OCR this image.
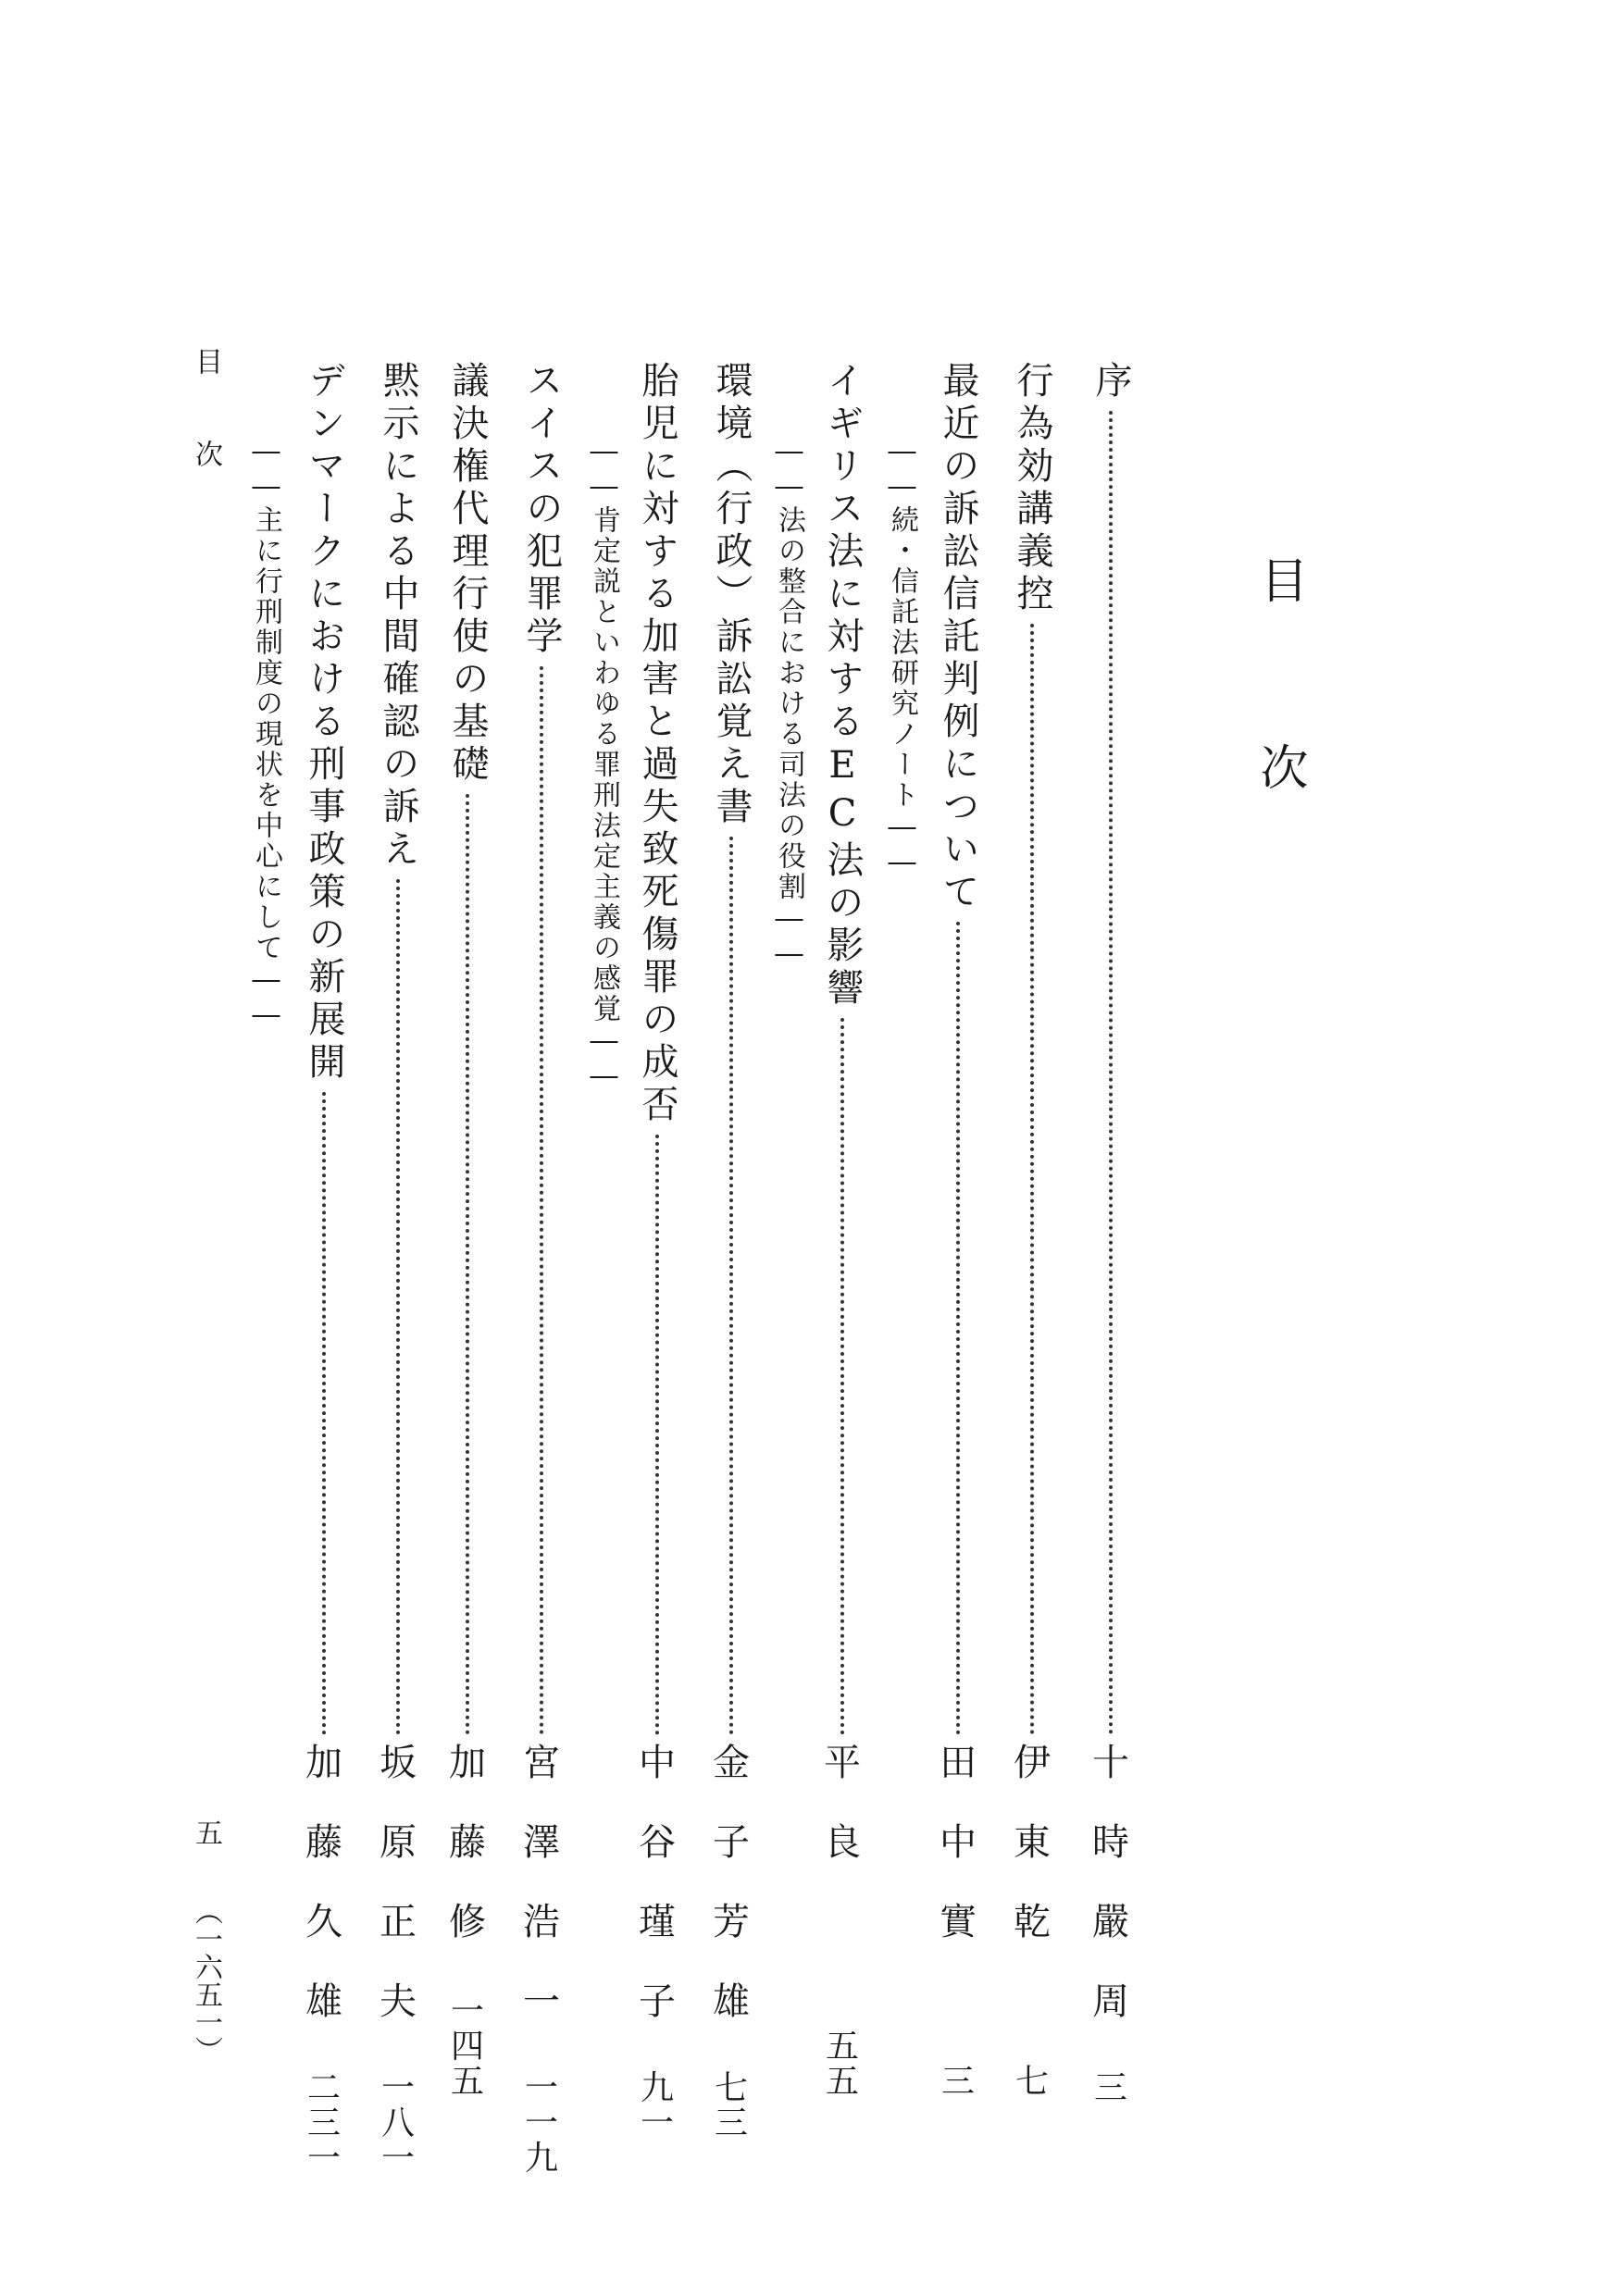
目次
序
十
時
嚴
周
三
行為効講義控
伊
東
乾
七
最近の訴訟信託判例について
田
中
實
三
イギリス法に対するEC法の影響
平
良
五
五
環境（行政）訴訟覚え書
金
子
芳
雄
七
三
胎児に対する加害と過失致死傷罪の成否
中
谷
瑾
子
九
一
スイスの犯罪学
宮
澤
浩
一
一
一
九
議決権代理行使の基礎
加
藤
修
一
四
五
黙示による中間確認の訴え
坂
原
正
夫
一
八
一
デンマークにおける刑事政策の新展開
加
藤
久
雄
二
三
一
――続・信託法研究ノート――
――法の整合における司法の役割――
――肯定説といわゆる罪刑法定主義の感覚――
――主に行刑制度の現状を中心にして――
目次
五
（一六五一）
